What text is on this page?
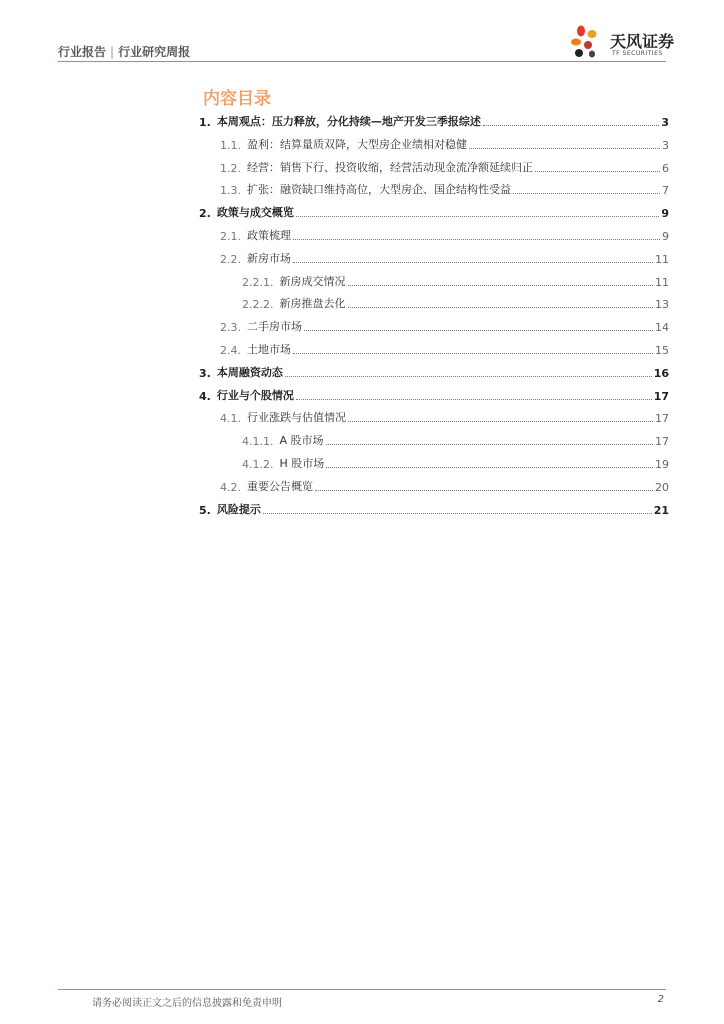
行业报告 | 行业研究周报
天风证券
TF SECURITIES
内容目录
1. 本周观点：压力释放，分化持续—地产开发三季报综述	3
1.1. 盈利：结算量质双降，大型房企业绩相对稳健	3
1.2. 经营：销售下行、投资收缩，经营活动现金流净额延续归正	6
1.3. 扩张：融资缺口维持高位，大型房企、国企结构性受益	7
2. 政策与成交概览	9
2.1. 政策梳理	9
2.2. 新房市场	11
2.2.1. 新房成交情况	11
2.2.2. 新房推盘去化	13
2.3. 二手房市场	14
2.4. 土地市场	15
3. 本周融资动态	16
4. 行业与个股情况	17
4.1. 行业涨跌与估值情况	17
4.1.1. A 股市场	17
4.1.2. H 股市场	19
4.2. 重要公告概览	20
5. 风险提示	21
请务必阅读正文之后的信息披露和免责申明	2
